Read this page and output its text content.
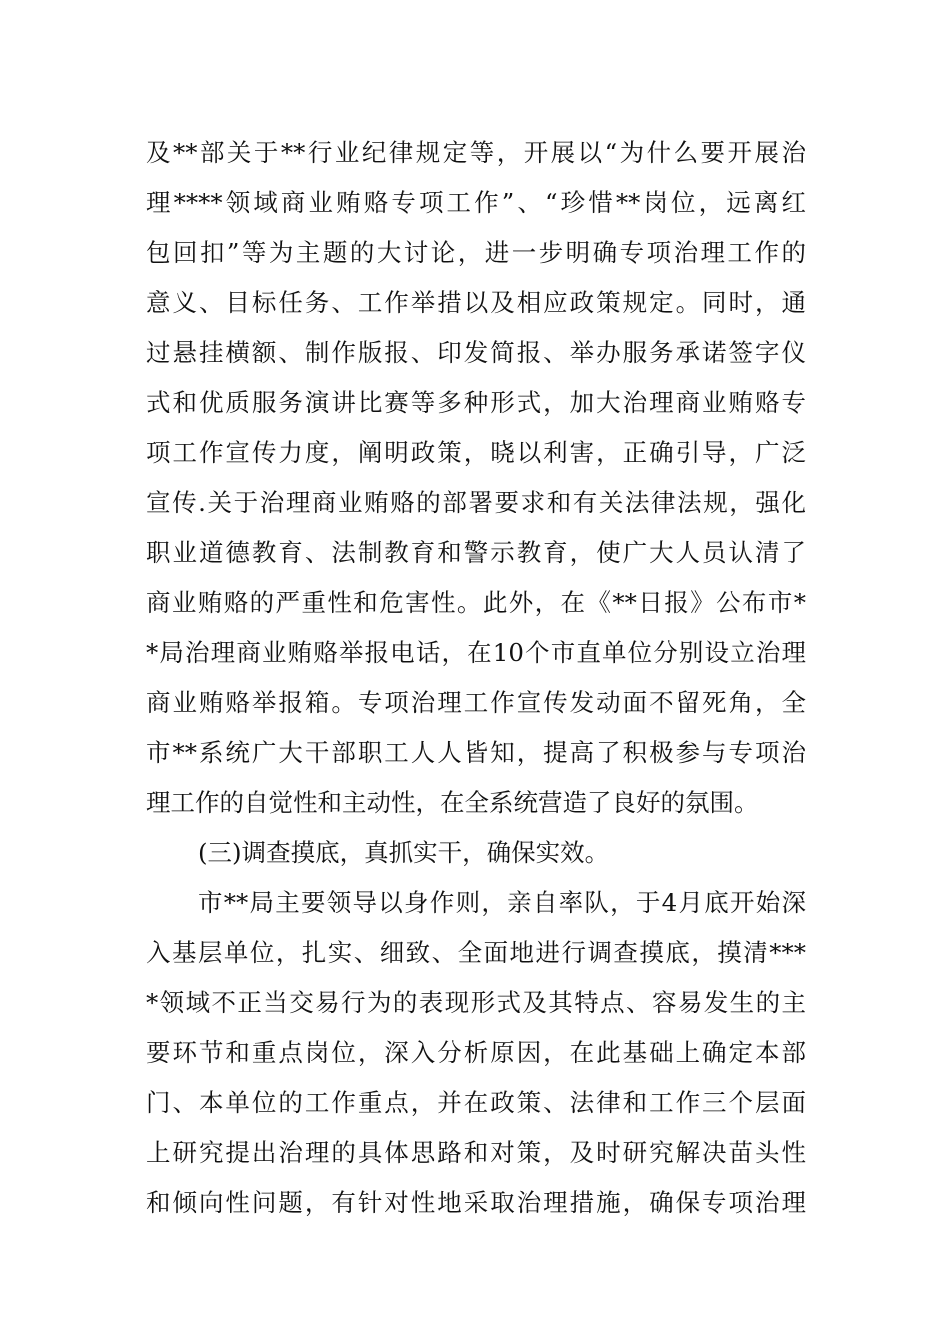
及**部关于**行业纪律规定等，开展以“为什么要开展治
理****领域商业贿赂专项工作”、“珍惜**岗位，远离红
包回扣”等为主题的大讨论，进一步明确专项治理工作的
意义、目标任务、工作举措以及相应政策规定。同时，通
过悬挂横额、制作版报、印发简报、举办服务承诺签字仪
式和优质服务演讲比赛等多种形式，加大治理商业贿赂专
项工作宣传力度，阐明政策，晓以利害，正确引导，广泛
宣传.关于治理商业贿赂的部署要求和有关法律法规，强化
职业道德教育、法制教育和警示教育，使广大人员认清了
商业贿赂的严重性和危害性。此外，在《**日报》公布市*
*局治理商业贿赂举报电话，在10个市直单位分别设立治理
商业贿赂举报箱。专项治理工作宣传发动面不留死角，全
市**系统广大干部职工人人皆知，提高了积极参与专项治
理工作的自觉性和主动性，在全系统营造了良好的氛围。
(三)调查摸底，真抓实干，确保实效。
市**局主要领导以身作则，亲自率队，于4月底开始深
入基层单位，扎实、细致、全面地进行调查摸底，摸清***
*领域不正当交易行为的表现形式及其特点、容易发生的主
要环节和重点岗位，深入分析原因，在此基础上确定本部
门、本单位的工作重点，并在政策、法律和工作三个层面
上研究提出治理的具体思路和对策，及时研究解决苗头性
和倾向性问题，有针对性地采取治理措施，确保专项治理
